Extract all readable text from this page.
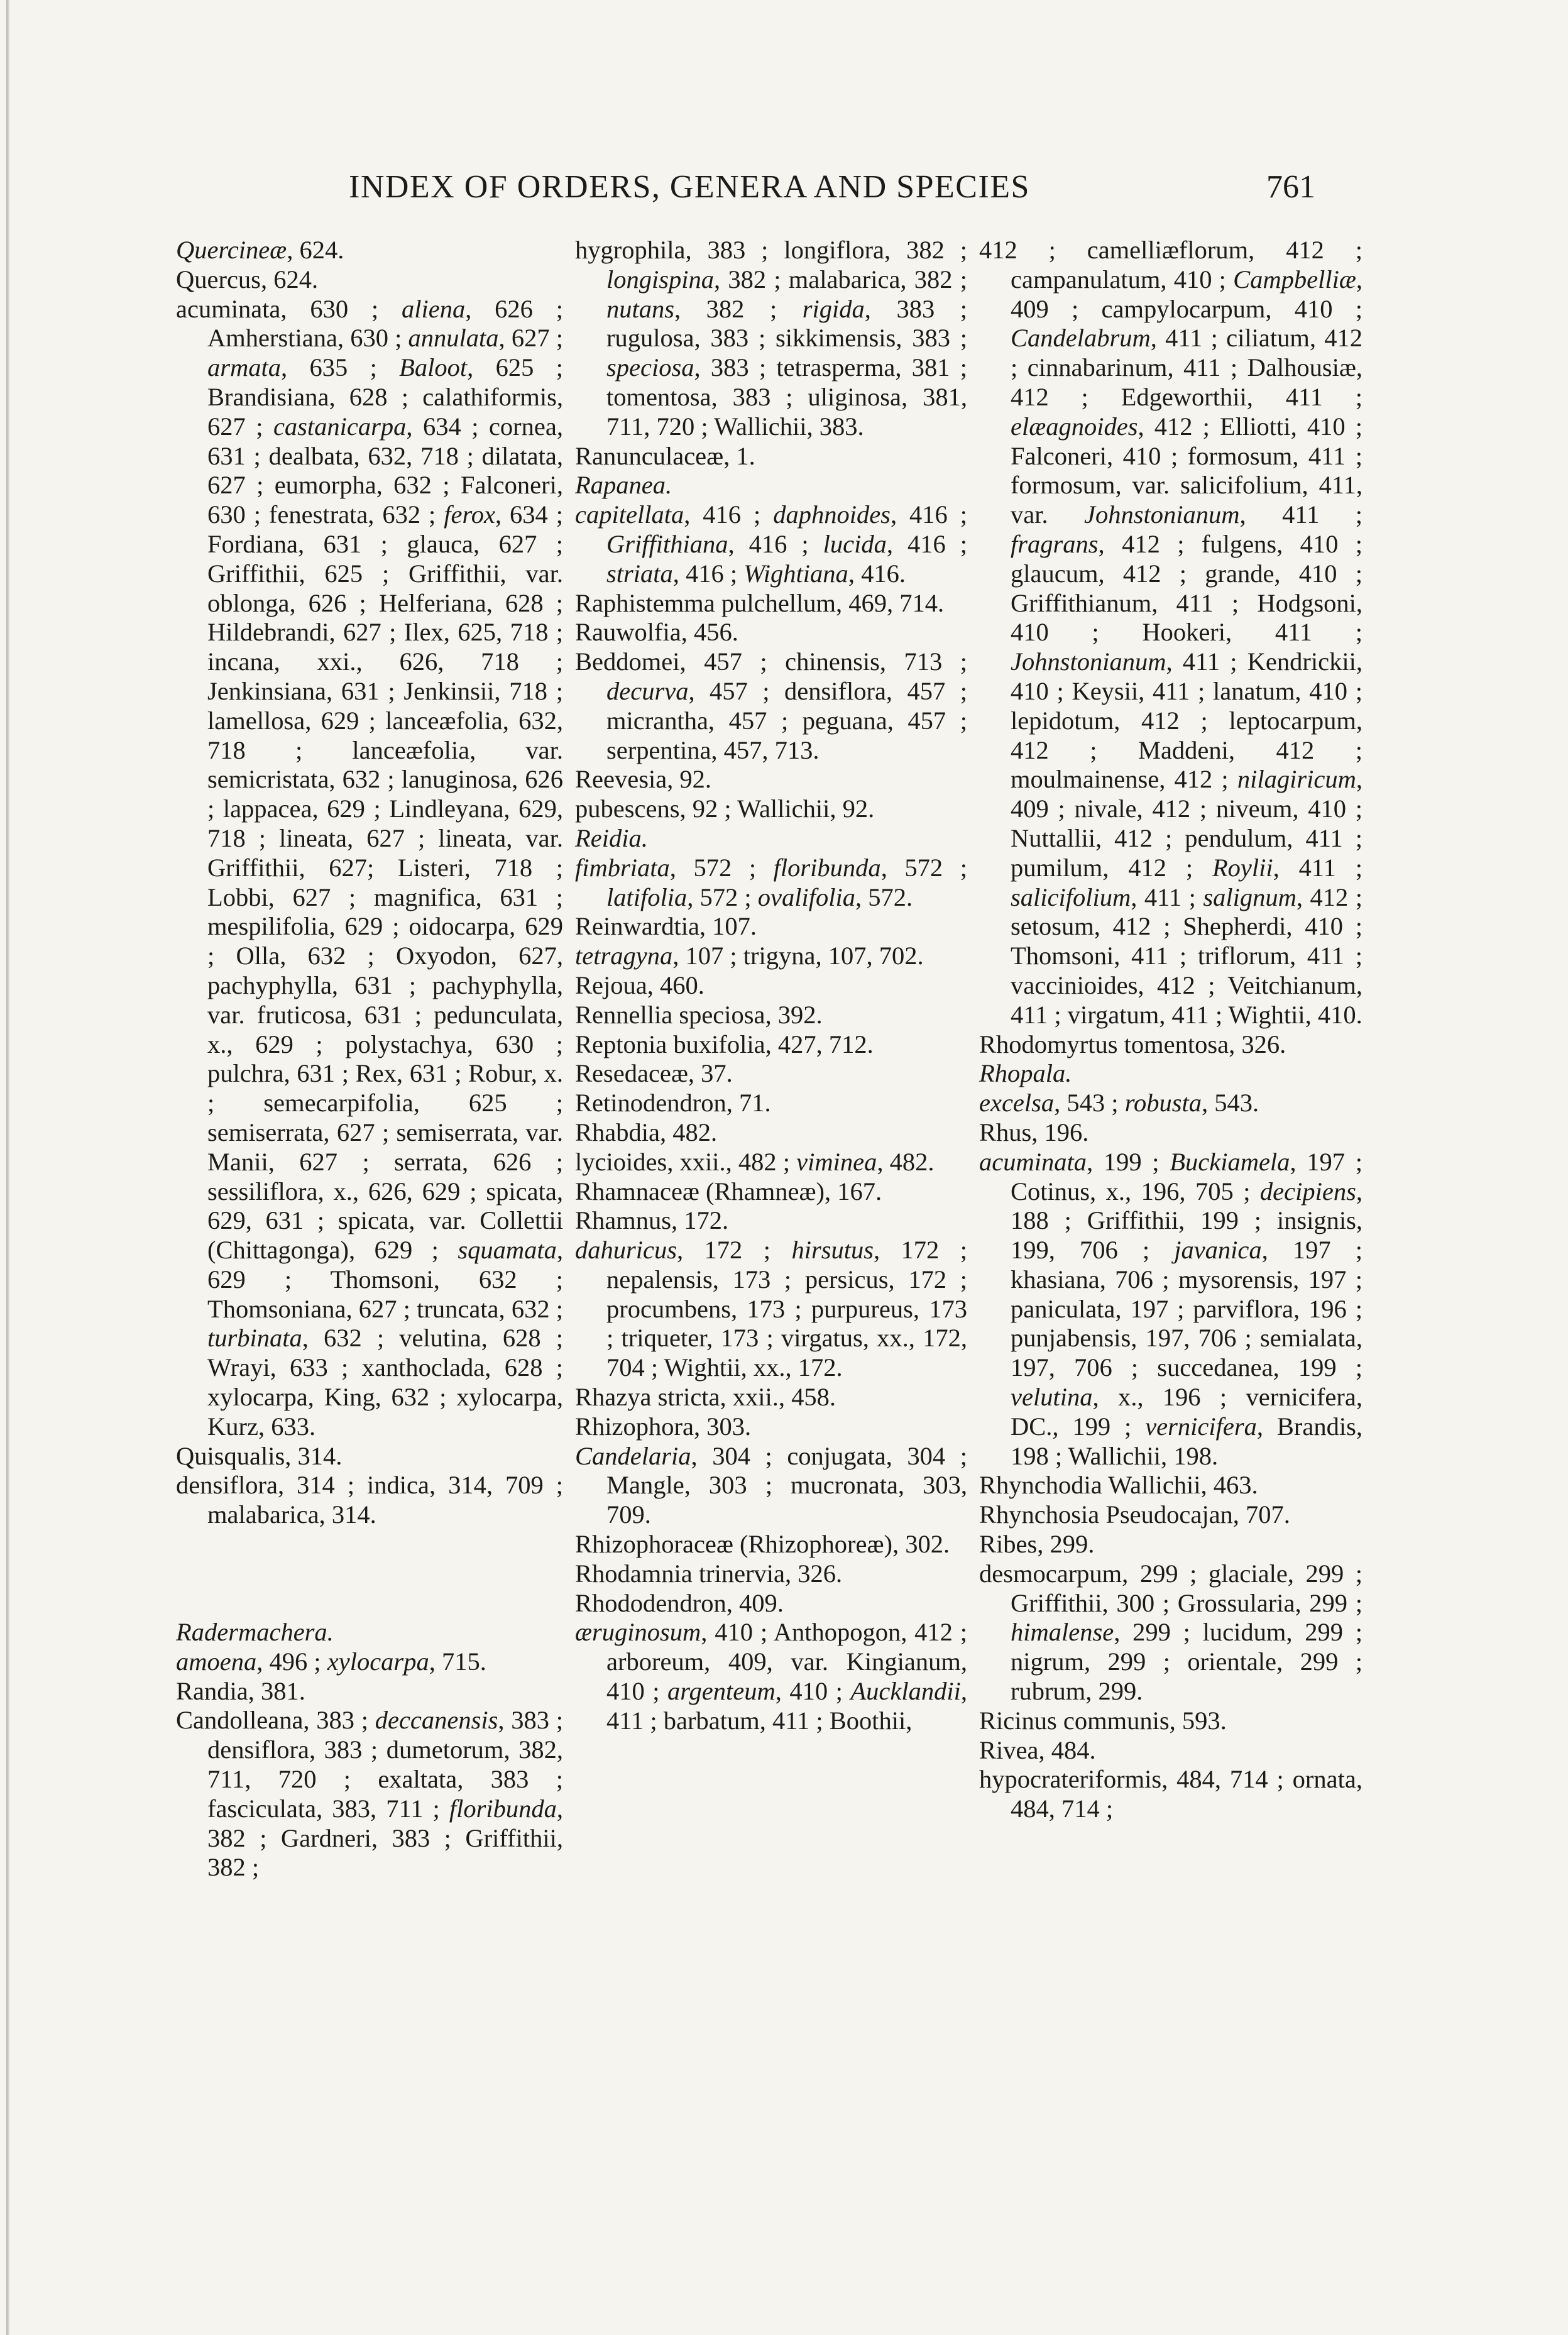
INDEX OF ORDERS, GENERA AND SPECIES	761

Quercineæ, 624.

Quercus, 624.
acuminata, 630 ; aliena, 626 ; Amherstiana, 630 ; annulata, 627 ; armata, 635 ; Baloot, 625 ; Brandisiana, 628 ; calathiformis, 627 ; castanicarpa, 634 ; cornea, 631 ; dealbata, 632, 718 ; dilatata, 627 ; eumorpha, 632 ; Falconeri, 630 ; fenestrata, 632 ; ferox, 634 ; Fordiana, 631 ; glauca, 627 ; Griffithii, 625 ; Griffithii, var. oblonga, 626 ; Helferiana, 628 ; Hildebrandi, 627 ; Ilex, 625, 718 ; incana, xxi., 626, 718 ; Jenkinsiana, 631 ; Jenkinsii, 718 ; lamellosa, 629 ; lanceæfolia, 632, 718 ; lanceæfolia, var. semicristata, 632 ; lanuginosa, 626 ; lappacea, 629 ; Lindleyana, 629, 718 ; lineata, 627 ; lineata, var. Griffithii, 627; Listeri, 718 ; Lobbi, 627 ; magnifica, 631 ; mespilifolia, 629 ; oidocarpa, 629 ; Olla, 632 ; Oxyodon, 627, pachyphylla, 631 ; pachyphylla, var. fruticosa, 631 ; pedunculata, x., 629 ; polystachya, 630 ; pulchra, 631 ; Rex, 631 ; Robur, x. ; semecarpifolia, 625 ; semiserrata, 627 ; semiserrata, var. Manii, 627 ; serrata, 626 ; sessiliflora, x., 626, 629 ; spicata, 629, 631 ; spicata, var. Collettii (Chittagonga), 629 ; squamata, 629 ; Thomsoni, 632 ; Thomsoniana, 627 ; truncata, 632 ; turbinata, 632 ; velutina, 628 ; Wrayi, 633 ; xanthoclada, 628 ; xylocarpa, King, 632 ; xylocarpa, Kurz, 633.

Quisqualis, 314.
densiflora, 314 ; indica, 314, 709 ; malabarica, 314.

Radermachera.
amoena, 496 ; xylocarpa, 715.

Randia, 381.
Candolleana, 383 ; deccanensis, 383 ; densiflora, 383 ; dumetorum, 382, 711, 720 ; exaltata, 383 ; fasciculata, 383, 711 ; floribunda, 382 ; Gardneri, 383 ; Griffithii, 382 ;

hygrophila, 383 ; longiflora, 382 ; longispina, 382 ; malabarica, 382 ; nutans, 382 ; rigida, 383 ; rugulosa, 383 ; sikkimensis, 383 ; speciosa, 383 ; tetrasperma, 381 ; tomentosa, 383 ; uliginosa, 381, 711, 720 ; Wallichii, 383.

Ranunculaceæ, 1.

Rapanea.
capitellata, 416 ; daphnoides, 416 ; Griffithiana, 416 ; lucida, 416 ; striata, 416 ; Wightiana, 416.

Raphistemma pulchellum, 469, 714.

Rauwolfia, 456.
Beddomei, 457 ; chinensis, 713 ; decurva, 457 ; densiflora, 457 ; micrantha, 457 ; peguana, 457 ; serpentina, 457, 713.

Reevesia, 92.
pubescens, 92 ; Wallichii, 92.

Reidia.
fimbriata, 572 ; floribunda, 572 ; latifolia, 572 ; ovalifolia, 572.

Reinwardtia, 107.
tetragyna, 107 ; trigyna, 107, 702.

Rejoua, 460.

Rennellia speciosa, 392.

Reptonia buxifolia, 427, 712.

Resedaceæ, 37.

Retinodendron, 71.

Rhabdia, 482.
lycioides, xxii., 482 ; viminea, 482.

Rhamnaceæ (Rhamneæ), 167.

Rhamnus, 172.
dahuricus, 172 ; hirsutus, 172 ; nepalensis, 173 ; persicus, 172 ; procumbens, 173 ; purpureus, 173 ; triqueter, 173 ; virgatus, xx., 172, 704 ; Wightii, xx., 172.

Rhazya stricta, xxii., 458.

Rhizophora, 303.
Candelaria, 304 ; conjugata, 304 ; Mangle, 303 ; mucronata, 303, 709.

Rhizophoraceæ (Rhizophoreæ), 302.

Rhodamnia trinervia, 326.

Rhododendron, 409.
æruginosum, 410 ; Anthopogon, 412 ; arboreum, 409, var. Kingianum, 410 ; argenteum, 410 ; Aucklandii, 411 ; barbatum, 411 ; Boothii,

412 ; camelliæflorum, 412 ; campanulatum, 410 ; Campbelliæ, 409 ; campylocarpum, 410 ; Candelabrum, 411 ; ciliatum, 412 ; cinnabarinum, 411 ; Dalhousiæ, 412 ; Edgeworthii, 411 ; elæagnoides, 412 ; Elliotti, 410 ; Falconeri, 410 ; formosum, 411 ; formosum, var. salicifolium, 411, var. Johnstonianum, 411 ; fragrans, 412 ; fulgens, 410 ; glaucum, 412 ; grande, 410 ; Griffithianum, 411 ; Hodgsoni, 410 ; Hookeri, 411 ; Johnstonianum, 411 ; Kendrickii, 410 ; Keysii, 411 ; lanatum, 410 ; lepidotum, 412 ; leptocarpum, 412 ; Maddeni, 412 ; moulmainense, 412 ; nilagiricum, 409 ; nivale, 412 ; niveum, 410 ; Nuttallii, 412 ; pendulum, 411 ; pumilum, 412 ; Roylii, 411 ; salicifolium, 411 ; salignum, 412 ; setosum, 412 ; Shepherdi, 410 ; Thomsoni, 411 ; triflorum, 411 ; vaccinioides, 412 ; Veitchianum, 411 ; virgatum, 411 ; Wightii, 410.

Rhodomyrtus tomentosa, 326.

Rhopala.
excelsa, 543 ; robusta, 543.

Rhus, 196.
acuminata, 199 ; Buckiamela, 197 ; Cotinus, x., 196, 705 ; decipiens, 188 ; Griffithii, 199 ; insignis, 199, 706 ; javanica, 197 ; khasiana, 706 ; mysorensis, 197 ; paniculata, 197 ; parviflora, 196 ; punjabensis, 197, 706 ; semialata, 197, 706 ; succedanea, 199 ; velutina, x., 196 ; vernicifera, DC., 199 ; vernicifera, Brandis, 198 ; Wallichii, 198.

Rhynchodia Wallichii, 463.

Rhynchosia Pseudocajan, 707.

Ribes, 299.
desmocarpum, 299 ; glaciale, 299 ; Griffithii, 300 ; Grossularia, 299 ; himalense, 299 ; lucidum, 299 ; nigrum, 299 ; orientale, 299 ; rubrum, 299.

Ricinus communis, 593.

Rivea, 484.
hypocrateriformis, 484, 714 ; ornata, 484, 714 ;
